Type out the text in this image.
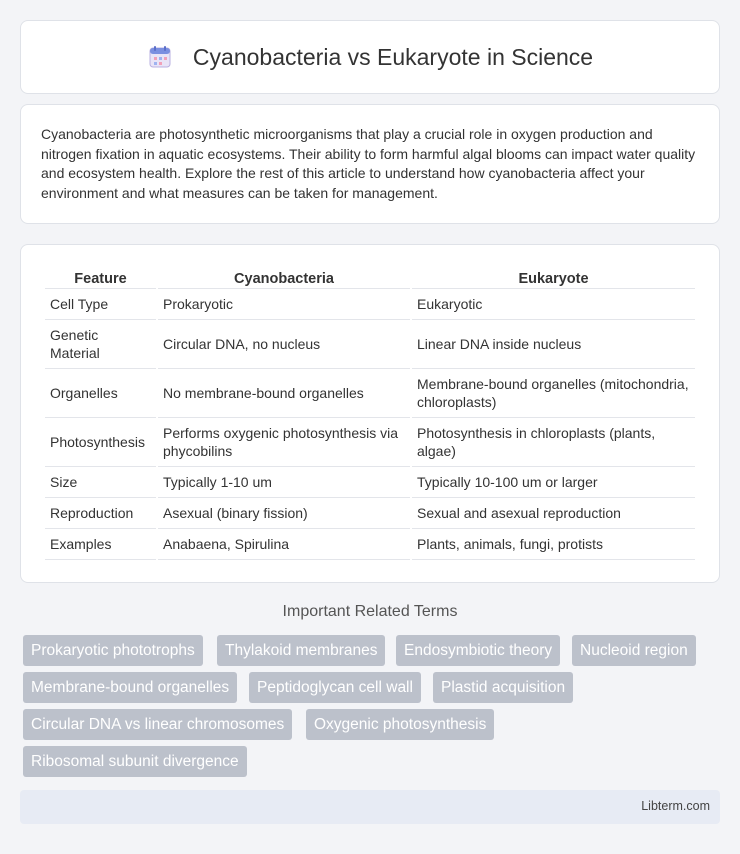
Cyanobacteria vs Eukaryote in Science

Cyanobacteria are photosynthetic microorganisms that play a crucial role in oxygen production and nitrogen fixation in aquatic ecosystems. Their ability to form harmful algal blooms can impact water quality and ecosystem health. Explore the rest of this article to understand how cyanobacteria affect your environment and what measures can be taken for management.

Feature	Cyanobacteria	Eukaryote
Cell Type	Prokaryotic	Eukaryotic
Genetic Material	Circular DNA, no nucleus	Linear DNA inside nucleus
Organelles	No membrane-bound organelles	Membrane-bound organelles (mitochondria, chloroplasts)
Photosynthesis	Performs oxygenic photosynthesis via phycobilins	Photosynthesis in chloroplasts (plants, algae)
Size	Typically 1-10 um	Typically 10-100 um or larger
Reproduction	Asexual (binary fission)	Sexual and asexual reproduction
Examples	Anabaena, Spirulina	Plants, animals, fungi, protists
Important Related Terms
Prokaryotic phototrophs	Thylakoid membranes	Endosymbiotic theory	Nucleoid region
Membrane-bound organelles	Peptidoglycan cell wall	Plastid acquisition
Circular DNA vs linear chromosomes	Oxygenic photosynthesis
Ribosomal subunit divergence
Libterm.com
